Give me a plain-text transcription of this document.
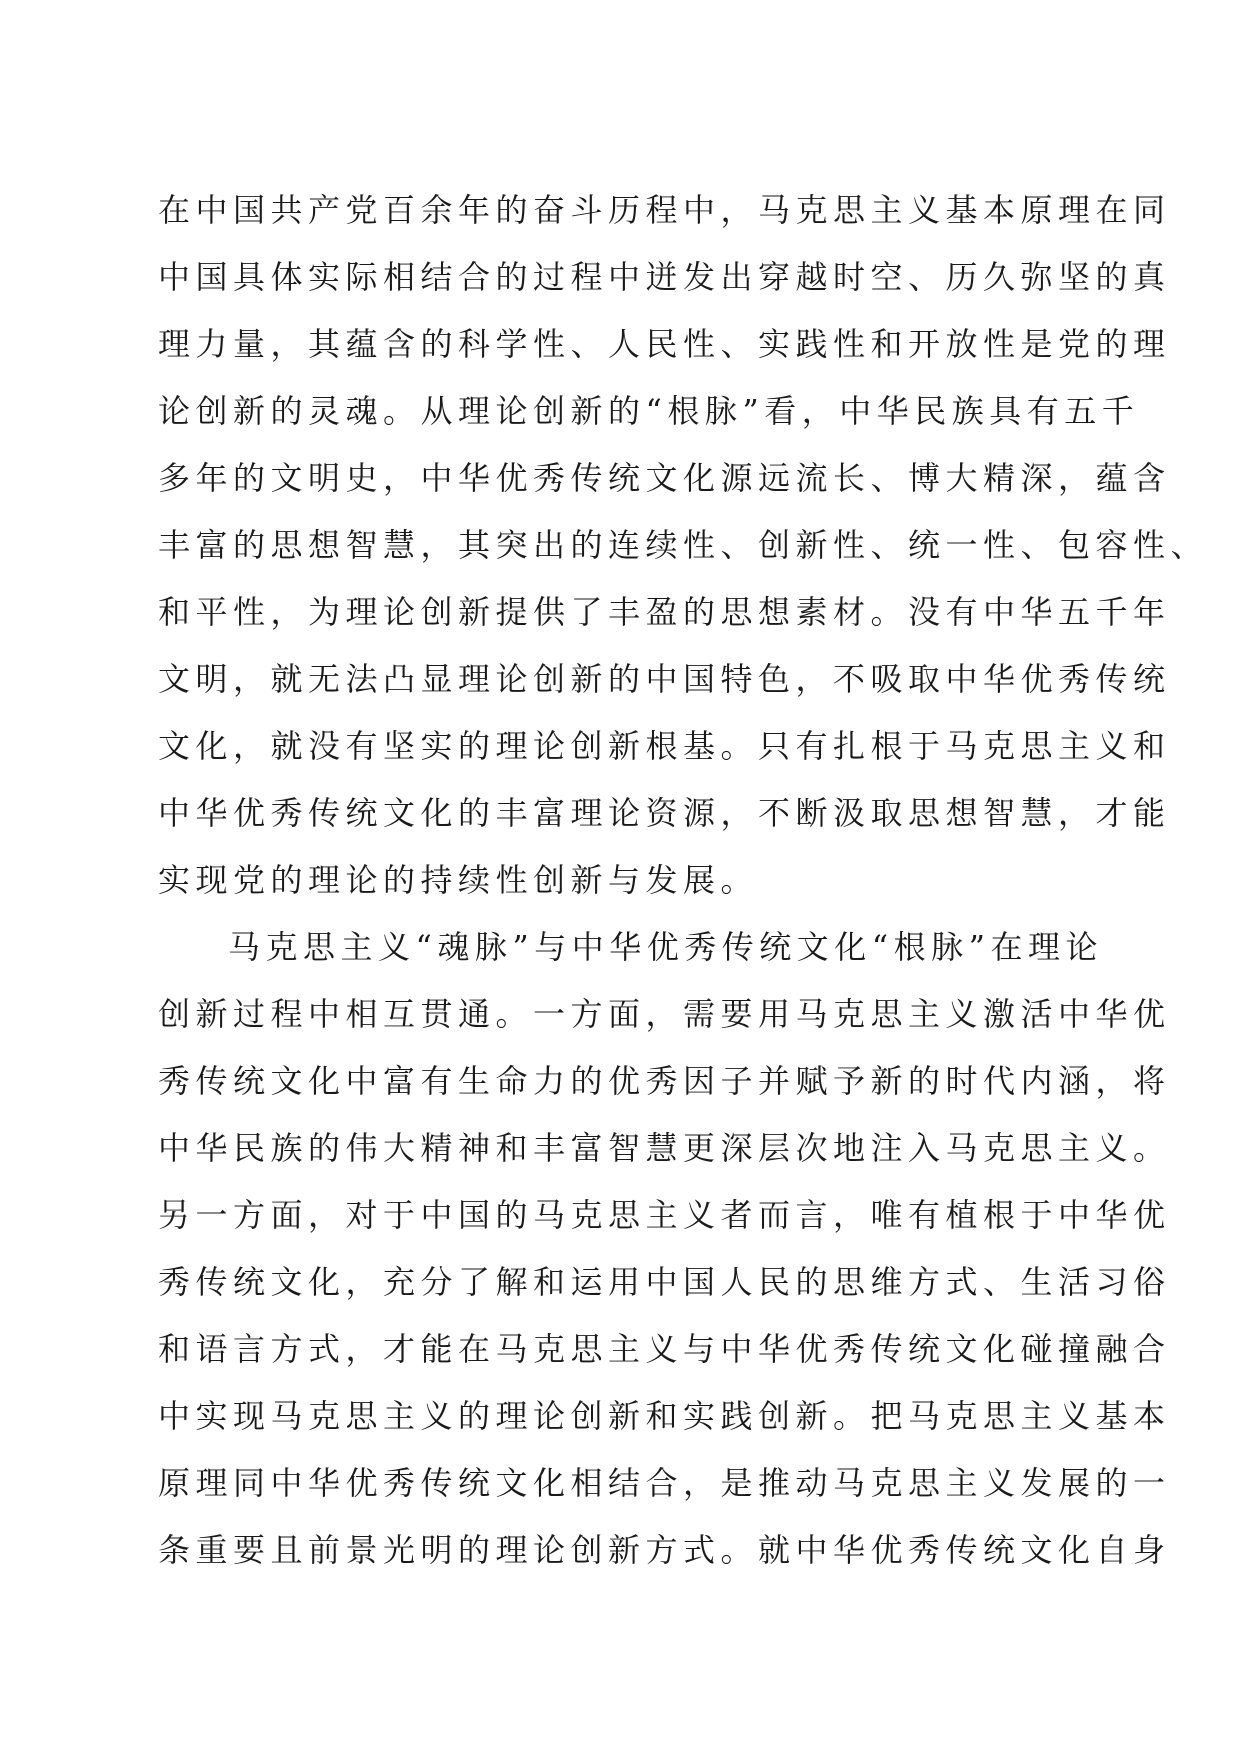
在中国共产党百余年的奋斗历程中，马克思主义基本原理在同
中国具体实际相结合的过程中迸发出穿越时空、历久弥坚的真
理力量，其蕴含的科学性、人民性、实践性和开放性是党的理
论创新的灵魂。从理论创新的“根脉”看，中华民族具有五千
多年的文明史，中华优秀传统文化源远流长、博大精深，蕴含
丰富的思想智慧，其突出的连续性、创新性、统一性、包容性、
和平性，为理论创新提供了丰盈的思想素材。没有中华五千年
文明，就无法凸显理论创新的中国特色，不吸取中华优秀传统
文化，就没有坚实的理论创新根基。只有扎根于马克思主义和
中华优秀传统文化的丰富理论资源，不断汲取思想智慧，才能
实现党的理论的持续性创新与发展。
马克思主义“魂脉”与中华优秀传统文化“根脉”在理论
创新过程中相互贯通。一方面，需要用马克思主义激活中华优
秀传统文化中富有生命力的优秀因子并赋予新的时代内涵，将
中华民族的伟大精神和丰富智慧更深层次地注入马克思主义。
另一方面，对于中国的马克思主义者而言，唯有植根于中华优
秀传统文化，充分了解和运用中国人民的思维方式、生活习俗
和语言方式，才能在马克思主义与中华优秀传统文化碰撞融合
中实现马克思主义的理论创新和实践创新。把马克思主义基本
原理同中华优秀传统文化相结合，是推动马克思主义发展的一
条重要且前景光明的理论创新方式。就中华优秀传统文化自身
